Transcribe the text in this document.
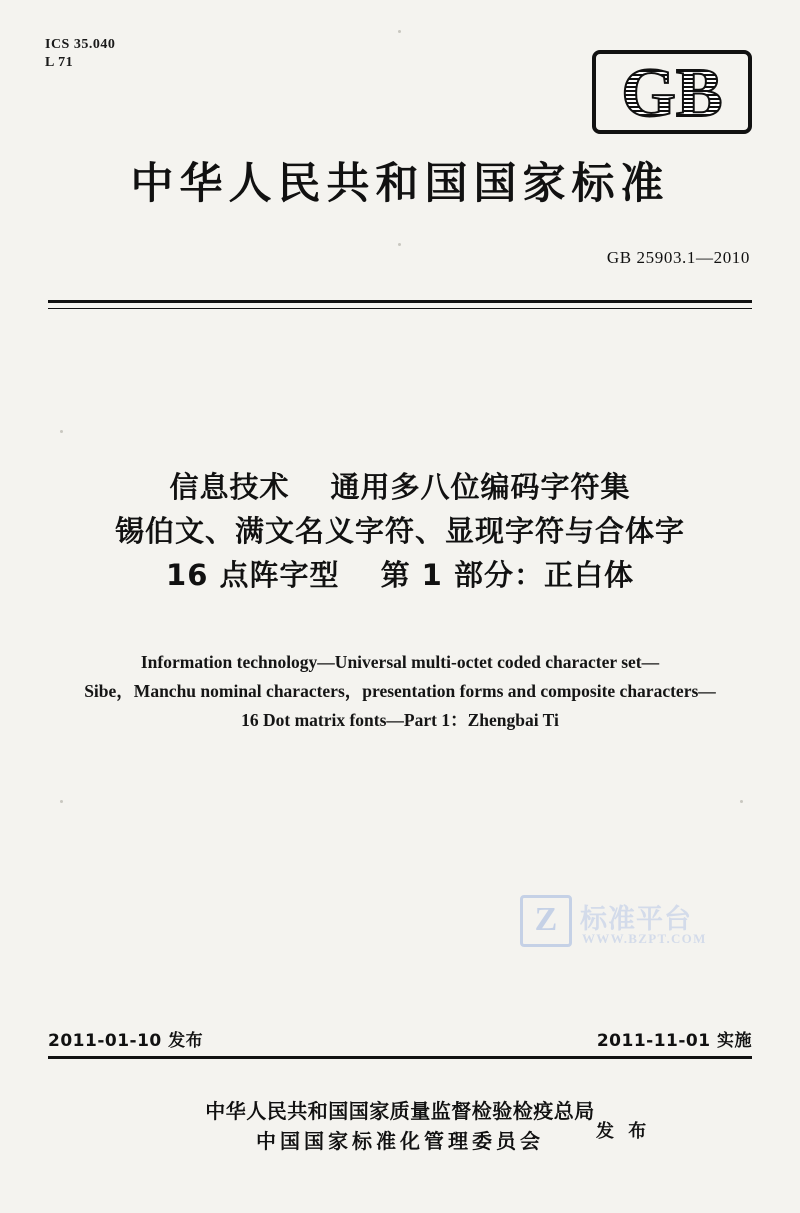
ICS 35.040
L 71	GB
中华人民共和国国家标准
GB 25903.1—2010
信息技术　 通用多八位编码字符集
锡伯文、满文名义字符、显现字符与合体字
16 点阵字型　 第 1 部分：正白体
Information technology—Universal multi-octet coded character set—
Sibe，Manchu nominal characters，presentation forms and composite characters—
16 Dot matrix fonts—Part 1：Zhengbai Ti
Z 标准平台
WWW.BZPT.COM
2011-01-10 发布	2011-11-01 实施
中华人民共和国国家质量监督检验检疫总局
中国国家标准化管理委员会	发 布
